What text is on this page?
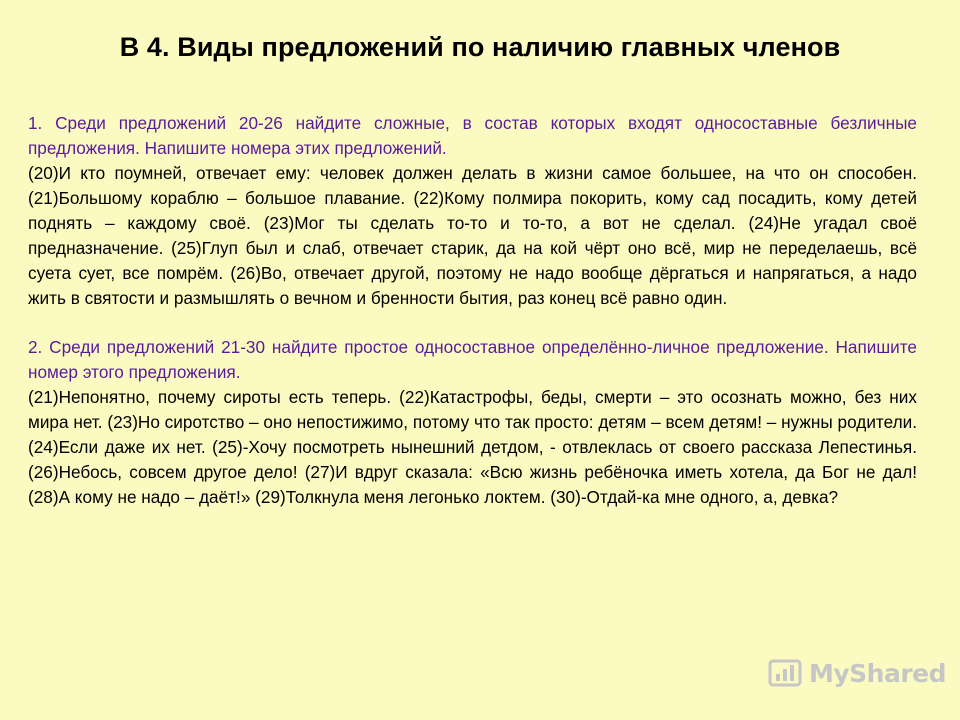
В 4. Виды предложений по наличию главных членов

1. Среди предложений 20-26 найдите сложные, в состав которых входят односоставные безличные предложения. Напишите номера этих предложений.

(20)И кто поумней, отвечает ему: человек должен делать в жизни самое большее, на что он способен. (21)Большому кораблю – большое плавание. (22)Кому полмира покорить, кому сад посадить, кому детей поднять – каждому своё. (23)Мог ты сделать то-то и то-то, а вот не сделал. (24)Не угадал своё предназначение. (25)Глуп был и слаб, отвечает старик, да на кой чёрт оно всё, мир не переделаешь, всё суета сует, все помрём. (26)Во, отвечает другой, поэтому не надо вообще дёргаться и напрягаться, а надо жить в святости и размышлять о вечном и бренности бытия, раз конец всё равно один.

2. Среди предложений 21-30 найдите простое односоставное определённо-личное предложение. Напишите номер этого предложения.

(21)Непонятно, почему сироты есть теперь. (22)Катастрофы, беды, смерти – это осознать можно, без них мира нет. (23)Но сиротство – оно непостижимо, потому что так просто: детям – всем детям! – нужны родители. (24)Если даже их нет. (25)-Хочу посмотреть нынешний детдом, - отвлеклась от своего рассказа Лепестинья. (26)Небось, совсем другое дело! (27)И вдруг сказала: «Всю жизнь ребёночка иметь хотела, да Бог не дал! (28)А кому не надо – даёт!» (29)Толкнула меня легонько локтем. (30)-Отдай-ка мне одного, а, девка?

MyShared
